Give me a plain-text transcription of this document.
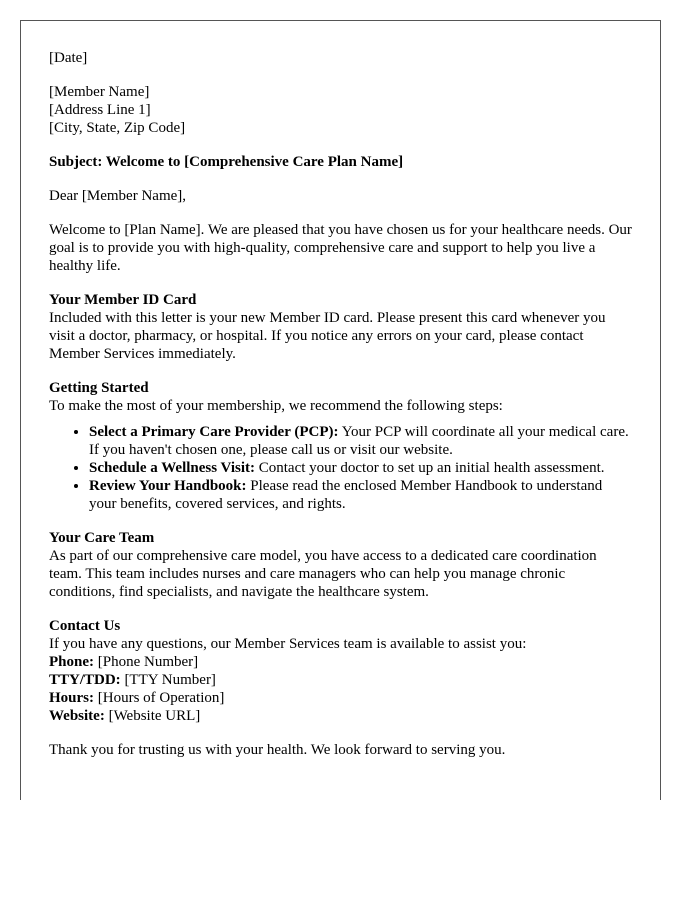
[Date]
[Member Name]
[Address Line 1]
[City, State, Zip Code]
Subject: Welcome to [Comprehensive Care Plan Name]
Dear [Member Name],
Welcome to [Plan Name]. We are pleased that you have chosen us for your healthcare needs. Our goal is to provide you with high-quality, comprehensive care and support to help you live a healthy life.
Your Member ID Card
Included with this letter is your new Member ID card. Please present this card whenever you visit a doctor, pharmacy, or hospital. If you notice any errors on your card, please contact Member Services immediately.
Getting Started
To make the most of your membership, we recommend the following steps:
• Select a Primary Care Provider (PCP): Your PCP will coordinate all your medical care. If you haven't chosen one, please call us or visit our website.
• Schedule a Wellness Visit: Contact your doctor to set up an initial health assessment.
• Review Your Handbook: Please read the enclosed Member Handbook to understand your benefits, covered services, and rights.
Your Care Team
As part of our comprehensive care model, you have access to a dedicated care coordination team. This team includes nurses and care managers who can help you manage chronic conditions, find specialists, and navigate the healthcare system.
Contact Us
If you have any questions, our Member Services team is available to assist you:
Phone: [Phone Number]
TTY/TDD: [TTY Number]
Hours: [Hours of Operation]
Website: [Website URL]
Thank you for trusting us with your health. We look forward to serving you.
